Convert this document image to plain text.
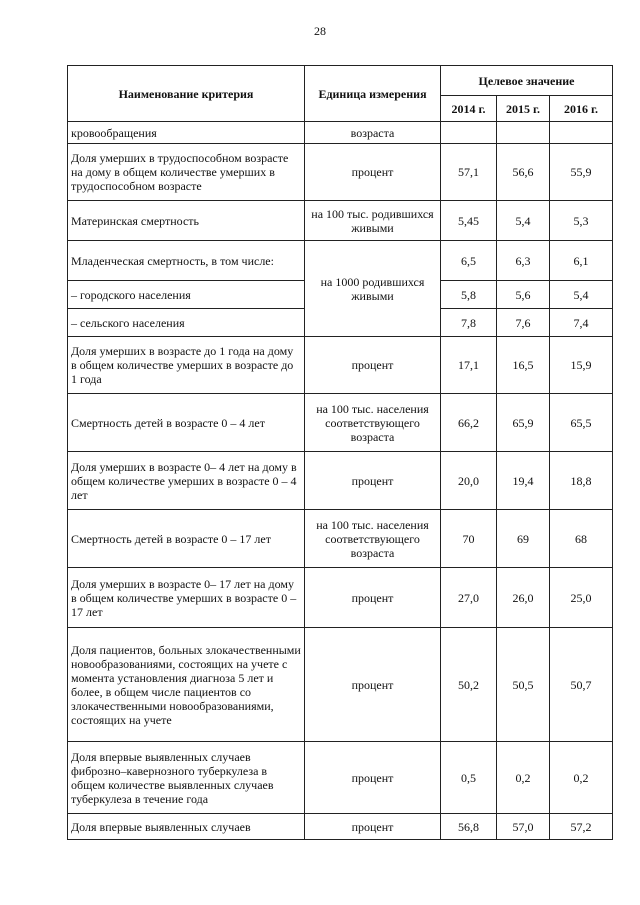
28
Наименование критерия	Единица измерения	Целевое значение		
		2014 г.	2015 г.	2016 г.
кровообращения	возраста			
Доля умерших в трудоспособном возрасте на дому в общем количестве умерших в трудоспособном возрасте	процент	57,1	56,6	55,9
Материнская смертность	на 100 тыс. родившихся живыми	5,45	5,4	5,3
Младенческая смертность, в том числе:	на 1000 родившихся живыми	6,5	6,3	6,1
– городского населения		5,8	5,6	5,4
– сельского населения		7,8	7,6	7,4
Доля умерших в возрасте до 1 года на дому в общем количестве умерших в возрасте до 1 года	процент	17,1	16,5	15,9
Смертность детей в возрасте 0 – 4 лет	на 100 тыс. населения соответствующего возраста	66,2	65,9	65,5
Доля умерших в возрасте 0– 4 лет на дому в общем количестве умерших в возрасте 0 – 4 лет	процент	20,0	19,4	18,8
Смертность детей в возрасте 0 – 17 лет	на 100 тыс. населения соответствующего возраста	70	69	68
Доля умерших в возрасте 0– 17 лет на дому в общем количестве умерших в возрасте 0 – 17 лет	процент	27,0	26,0	25,0
Доля пациентов, больных злокачественными новообразованиями, состоящих на учете с момента установления диагноза 5 лет и более, в общем числе пациентов со злокачественными новообразованиями, состоящих на учете	процент	50,2	50,5	50,7
Доля впервые выявленных случаев фиброзно–кавернозного туберкулеза в общем количестве выявленных случаев туберкулеза в течение года	процент	0,5	0,2	0,2
Доля впервые выявленных случаев	процент	56,8	57,0	57,2
